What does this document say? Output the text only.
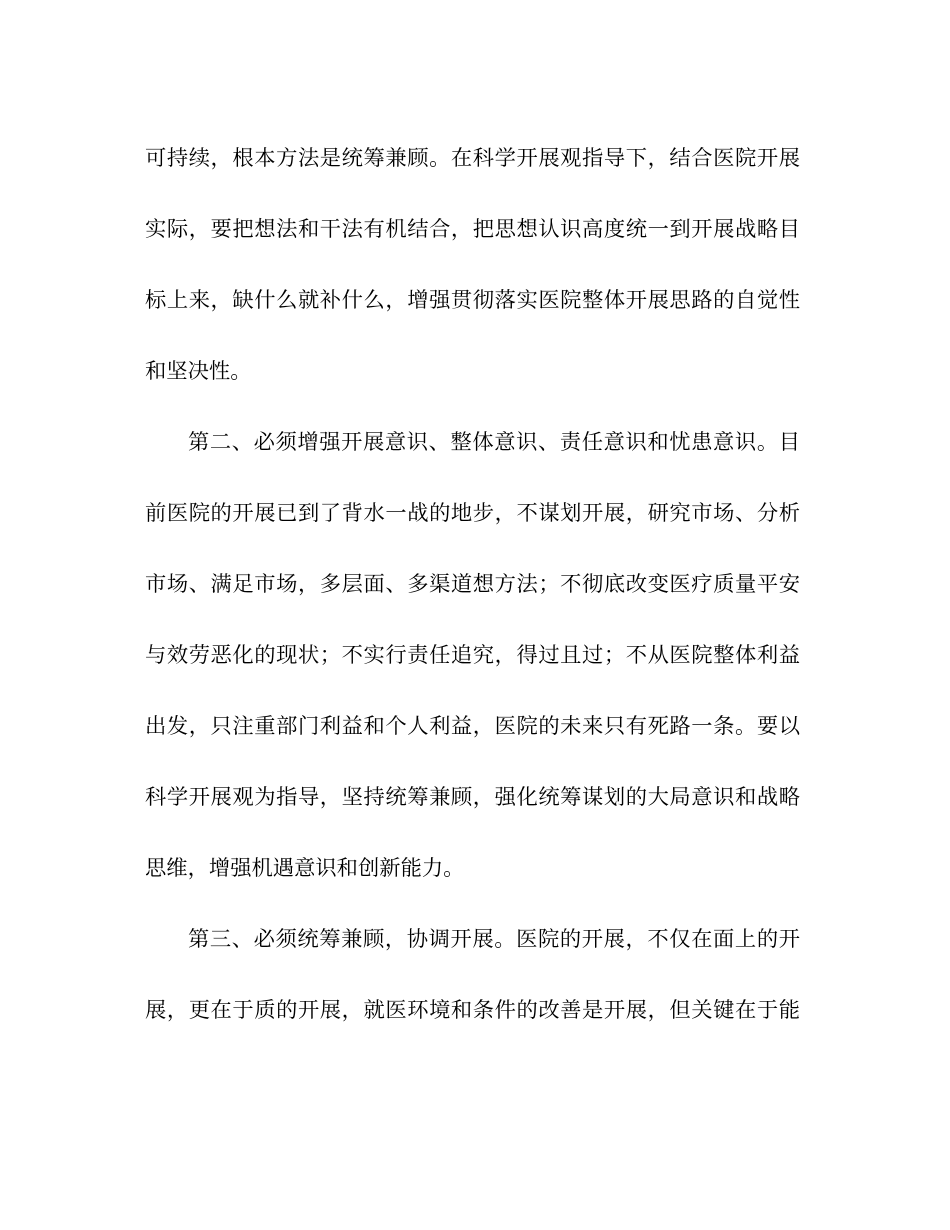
可持续，根本方法是统筹兼顾。在科学开展观指导下，结合医院开展
实际，要把想法和干法有机结合，把思想认识高度统一到开展战略目
标上来，缺什么就补什么，增强贯彻落实医院整体开展思路的自觉性
和坚决性。
第二、必须增强开展意识、整体意识、责任意识和忧患意识。目
前医院的开展已到了背水一战的地步，不谋划开展，研究市场、分析
市场、满足市场，多层面、多渠道想方法；不彻底改变医疗质量平安
与效劳恶化的现状；不实行责任追究，得过且过；不从医院整体利益
出发，只注重部门利益和个人利益，医院的未来只有死路一条。要以
科学开展观为指导，坚持统筹兼顾，强化统筹谋划的大局意识和战略
思维，增强机遇意识和创新能力。
第三、必须统筹兼顾，协调开展。医院的开展，不仅在面上的开
展，更在于质的开展，就医环境和条件的改善是开展，但关键在于能
